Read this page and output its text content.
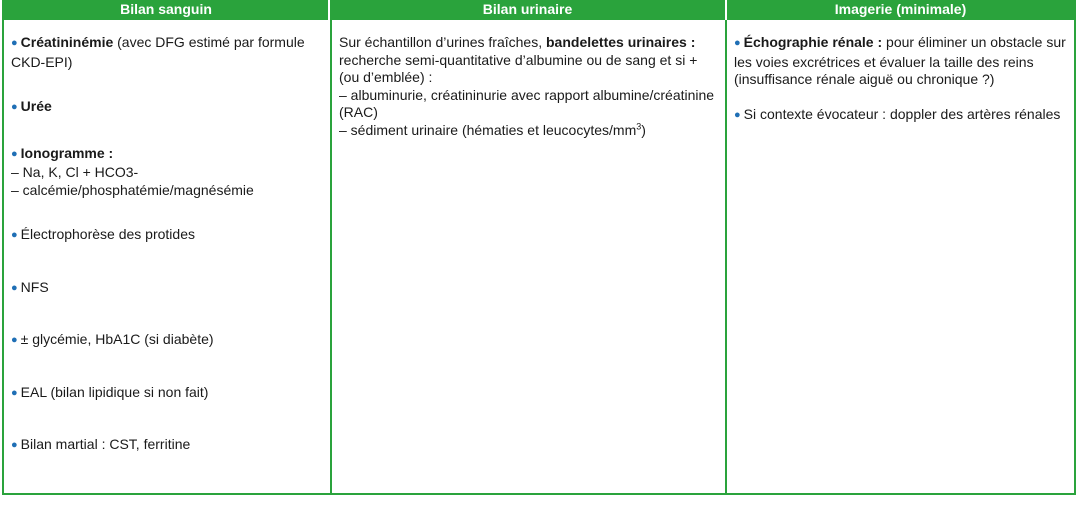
Bilan sanguin	Bilan urinaire	Imagerie (minimale)
● Créatininémie (avec DFG estimé par formule CKD-EPI)
● Urée
● Ionogramme :
– Na, K, Cl + HCO3-
– calcémie/phosphatémie/magnésémie
● Électrophorèse des protides
● NFS
● ± glycémie, HbA1C (si diabète)
● EAL (bilan lipidique si non fait)
● Bilan martial : CST, ferritine
Sur échantillon d’urines fraîches, bandelettes urinaires : recherche semi-quantitative d’albumine ou de sang et si + (ou d’emblée) :
– albuminurie, créatininurie avec rapport albumine/créatinine (RAC)
– sédiment urinaire (hématies et leucocytes/$mm^3$)
● Échographie rénale : pour éliminer un obstacle sur les voies excrétrices et évaluer la taille des reins (insuffisance rénale aiguë ou chronique ?)
● Si contexte évocateur : doppler des artères rénales
